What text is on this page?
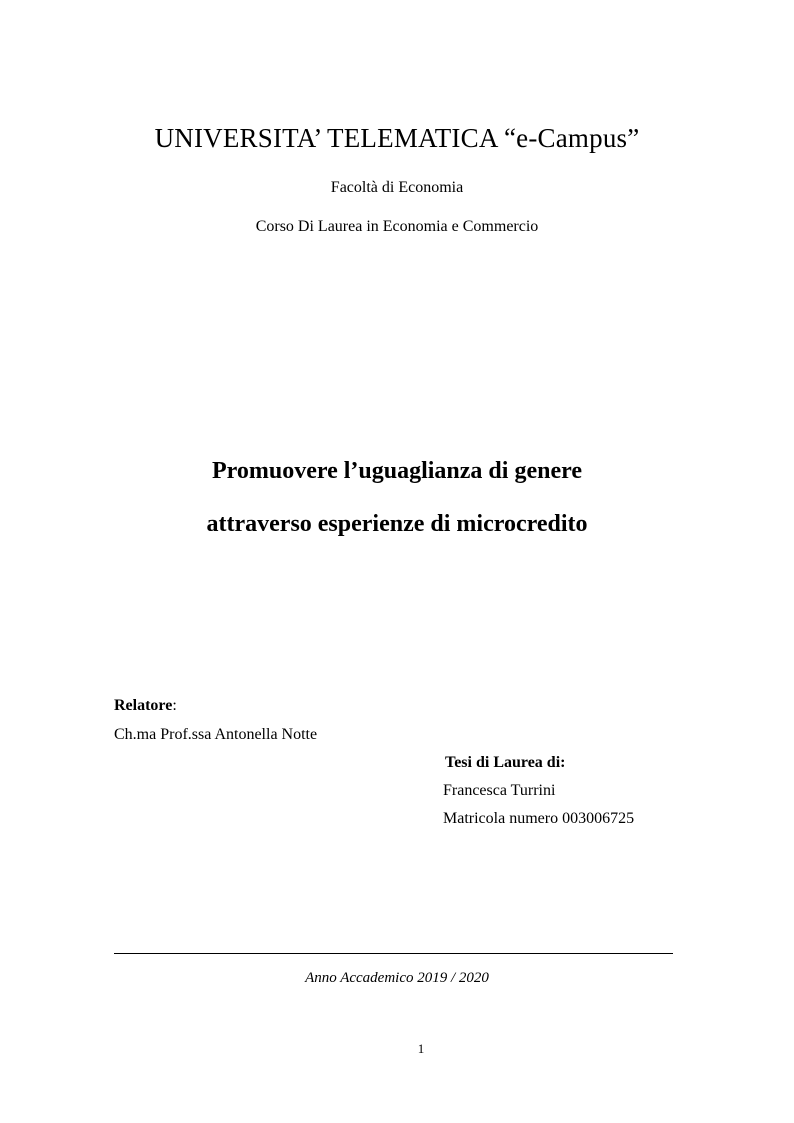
UNIVERSITA’ TELEMATICA “e-Campus”
Facoltà di Economia
Corso Di Laurea in Economia e Commercio
Promuovere l’uguaglianza di genere
attraverso esperienze di microcredito
Relatore:
Ch.ma Prof.ssa Antonella Notte
Tesi di Laurea di:
Francesca Turrini
Matricola numero 003006725
Anno Accademico 2019 / 2020
1
